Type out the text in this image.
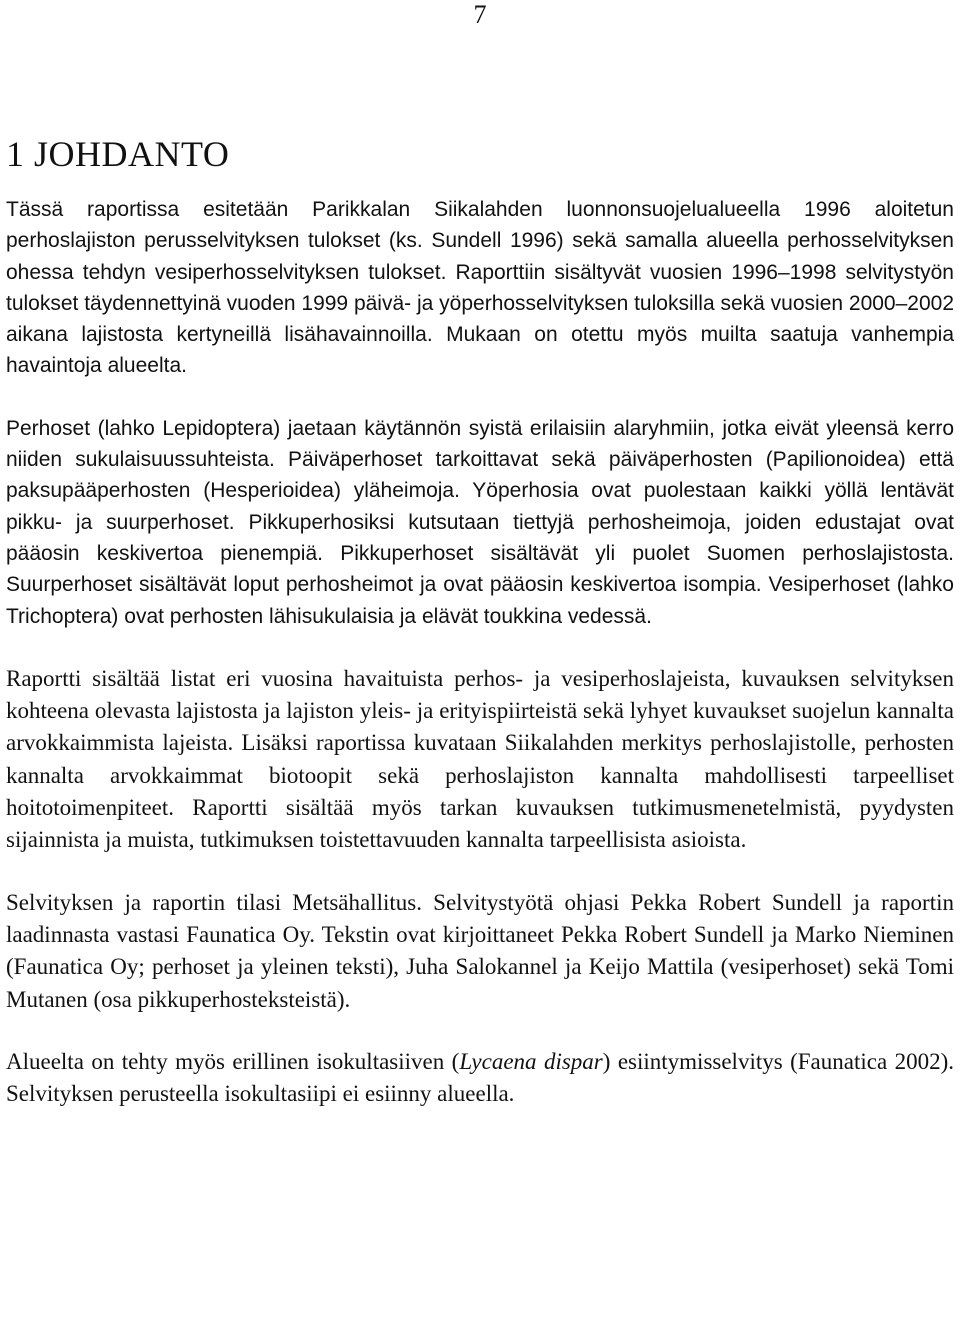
7
1 JOHDANTO

Tässä raportissa esitetään Parikkalan Siikalahden luonnonsuojelualueella 1996 aloitetun perhoslajiston perusselvityksen tulokset (ks. Sundell 1996) sekä samalla alueella perhosselvityksen ohessa tehdyn vesiperhosselvityksen tulokset. Raporttiin sisältyvät vuosien 1996–1998 selvitystyön tulokset täydennettyinä vuoden 1999 päivä- ja yöperhosselvityksen tuloksilla sekä vuosien 2000–2002 aikana lajistosta kertyneillä lisähavainnoilla. Mukaan on otettu myös muilta saatuja vanhempia havaintoja alueelta.

Perhoset (lahko Lepidoptera) jaetaan käytännön syistä erilaisiin alaryhmiin, jotka eivät yleensä kerro niiden sukulaisuussuhteista. Päiväperhoset tarkoittavat sekä päiväperhosten (Papilionoidea) että paksupääperhosten (Hesperioidea) yläheimoja. Yöperhosia ovat puolestaan kaikki yöllä lentävät pikku- ja suurperhoset. Pikkuperhosiksi kutsutaan tiettyjä perhosheimoja, joiden edustajat ovat pääosin keskivertoa pienempiä. Pikkuperhoset sisältävät yli puolet Suomen perhoslajistosta. Suurperhoset sisältävät loput perhosheimot ja ovat pääosin keskivertoa isompia. Vesiperhoset (lahko Trichoptera) ovat perhosten lähisukulaisia ja elävät toukkina vedessä.

Raportti sisältää listat eri vuosina havaituista perhos- ja vesiperhoslajeista, kuvauksen selvityksen kohteena olevasta lajistosta ja lajiston yleis- ja erityispiirteistä sekä lyhyet kuvaukset suojelun kannalta arvokkaimmista lajeista. Lisäksi raportissa kuvataan Siikalahden merkitys perhoslajistolle, perhosten kannalta arvokkaimmat biotoopit sekä perhoslajiston kannalta mahdollisesti tarpeelliset hoitotoimenpiteet. Raportti sisältää myös tarkan kuvauksen tutkimusmenetelmistä, pyydysten sijainnista ja muista, tutkimuksen toistettavuuden kannalta tarpeellisista asioista.

Selvityksen ja raportin tilasi Metsähallitus. Selvitystyötä ohjasi Pekka Robert Sundell ja raportin laadinnasta vastasi Faunatica Oy. Tekstin ovat kirjoittaneet Pekka Robert Sundell ja Marko Nieminen (Faunatica Oy; perhoset ja yleinen teksti), Juha Salokannel ja Keijo Mattila (vesiperhoset) sekä Tomi Mutanen (osa pikkuperhosteksteistä).

Alueelta on tehty myös erillinen isokultasiiven (Lycaena dispar) esiintymisselvitys (Faunatica 2002). Selvityksen perusteella isokultasiipi ei esiinny alueella.
